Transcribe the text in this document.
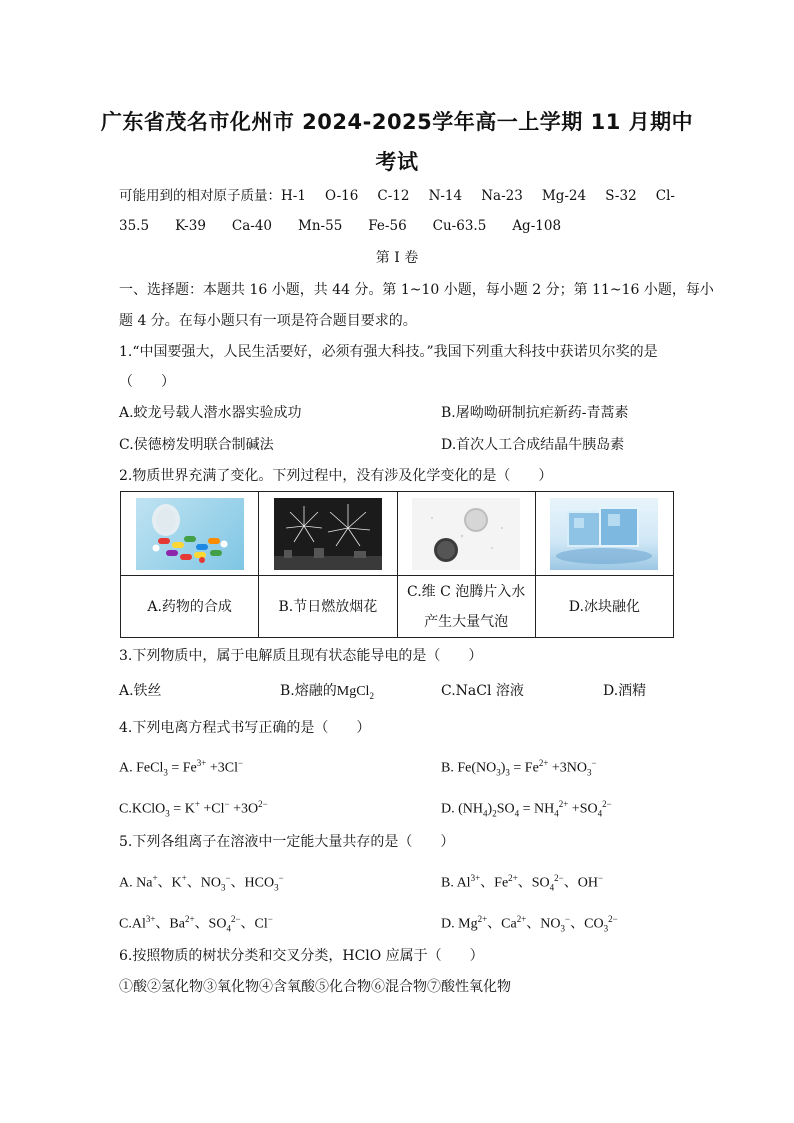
广东省茂名市化州市 2024-2025学年高一上学期 11 月期中
考试
可能用到的相对原子质量：H-1 O-16 C-12 N-14 Na-23 Mg-24 S-32 Cl-
35.5 K-39 Ca-40 Mn-55 Fe-56 Cu-63.5 Ag-108
第 I 卷
一、选择题：本题共 16 小题，共 44 分。第 1~10 小题，每小题 2 分；第 11~16 小题，每小
题 4 分。在每小题只有一项是符合题目要求的。
1.“中国要强大，人民生活要好，必须有强大科技。”我国下列重大科技中获诺贝尔奖的是
（　　）
A.蛟龙号载人潜水器实验成功	B.屠呦呦研制抗疟新药-青蒿素
C.侯德榜发明联合制碱法	D.首次人工合成结晶牛胰岛素
2.物质世界充满了变化。下列过程中，没有涉及化学变化的是（　　）

A.药物的合成	B.节日燃放烟花	C.维 C 泡腾片入水
产生大量气泡	D.冰块融化
3.下列物质中，属于电解质且现有状态能导电的是（　　）
A.铁丝	B.熔融的MgCl$_2$	C.NaCl 溶液	D.酒精
4.下列电离方程式书写正确的是（　　）
A. FeCl$_3$ = $Fe^{3+} +3Cl^-$	B. $Fe(NO_3)_3 = Fe^{2+} +3NO_3^-$
C.KClO$_3$ = $K^+ +Cl^- +3O^{2-}$	D. $(NH_4)_2SO_4 = NH_4^{2+} +SO_4^{2-}$
5.下列各组离子在溶液中一定能大量共存的是（　　）
A. Na+、K+、$NO_3^-$、$HCO_3^-$	B. $Al^{3+}$、$Fe^{2+}$、$SO_4^{2-}$、OH−
$C.Al^{3+}$、$Ba^{2+}$、$SO_4^{2-}$、Cl−	D. $Mg^{2+}$、$Ca^{2+}$、$NO_3^-$、$CO_3^{2-}$
6.按照物质的树状分类和交叉分类，HClO 应属于（　　）
①酸②氢化物③氧化物④含氧酸⑤化合物⑥混合物⑦酸性氧化物
